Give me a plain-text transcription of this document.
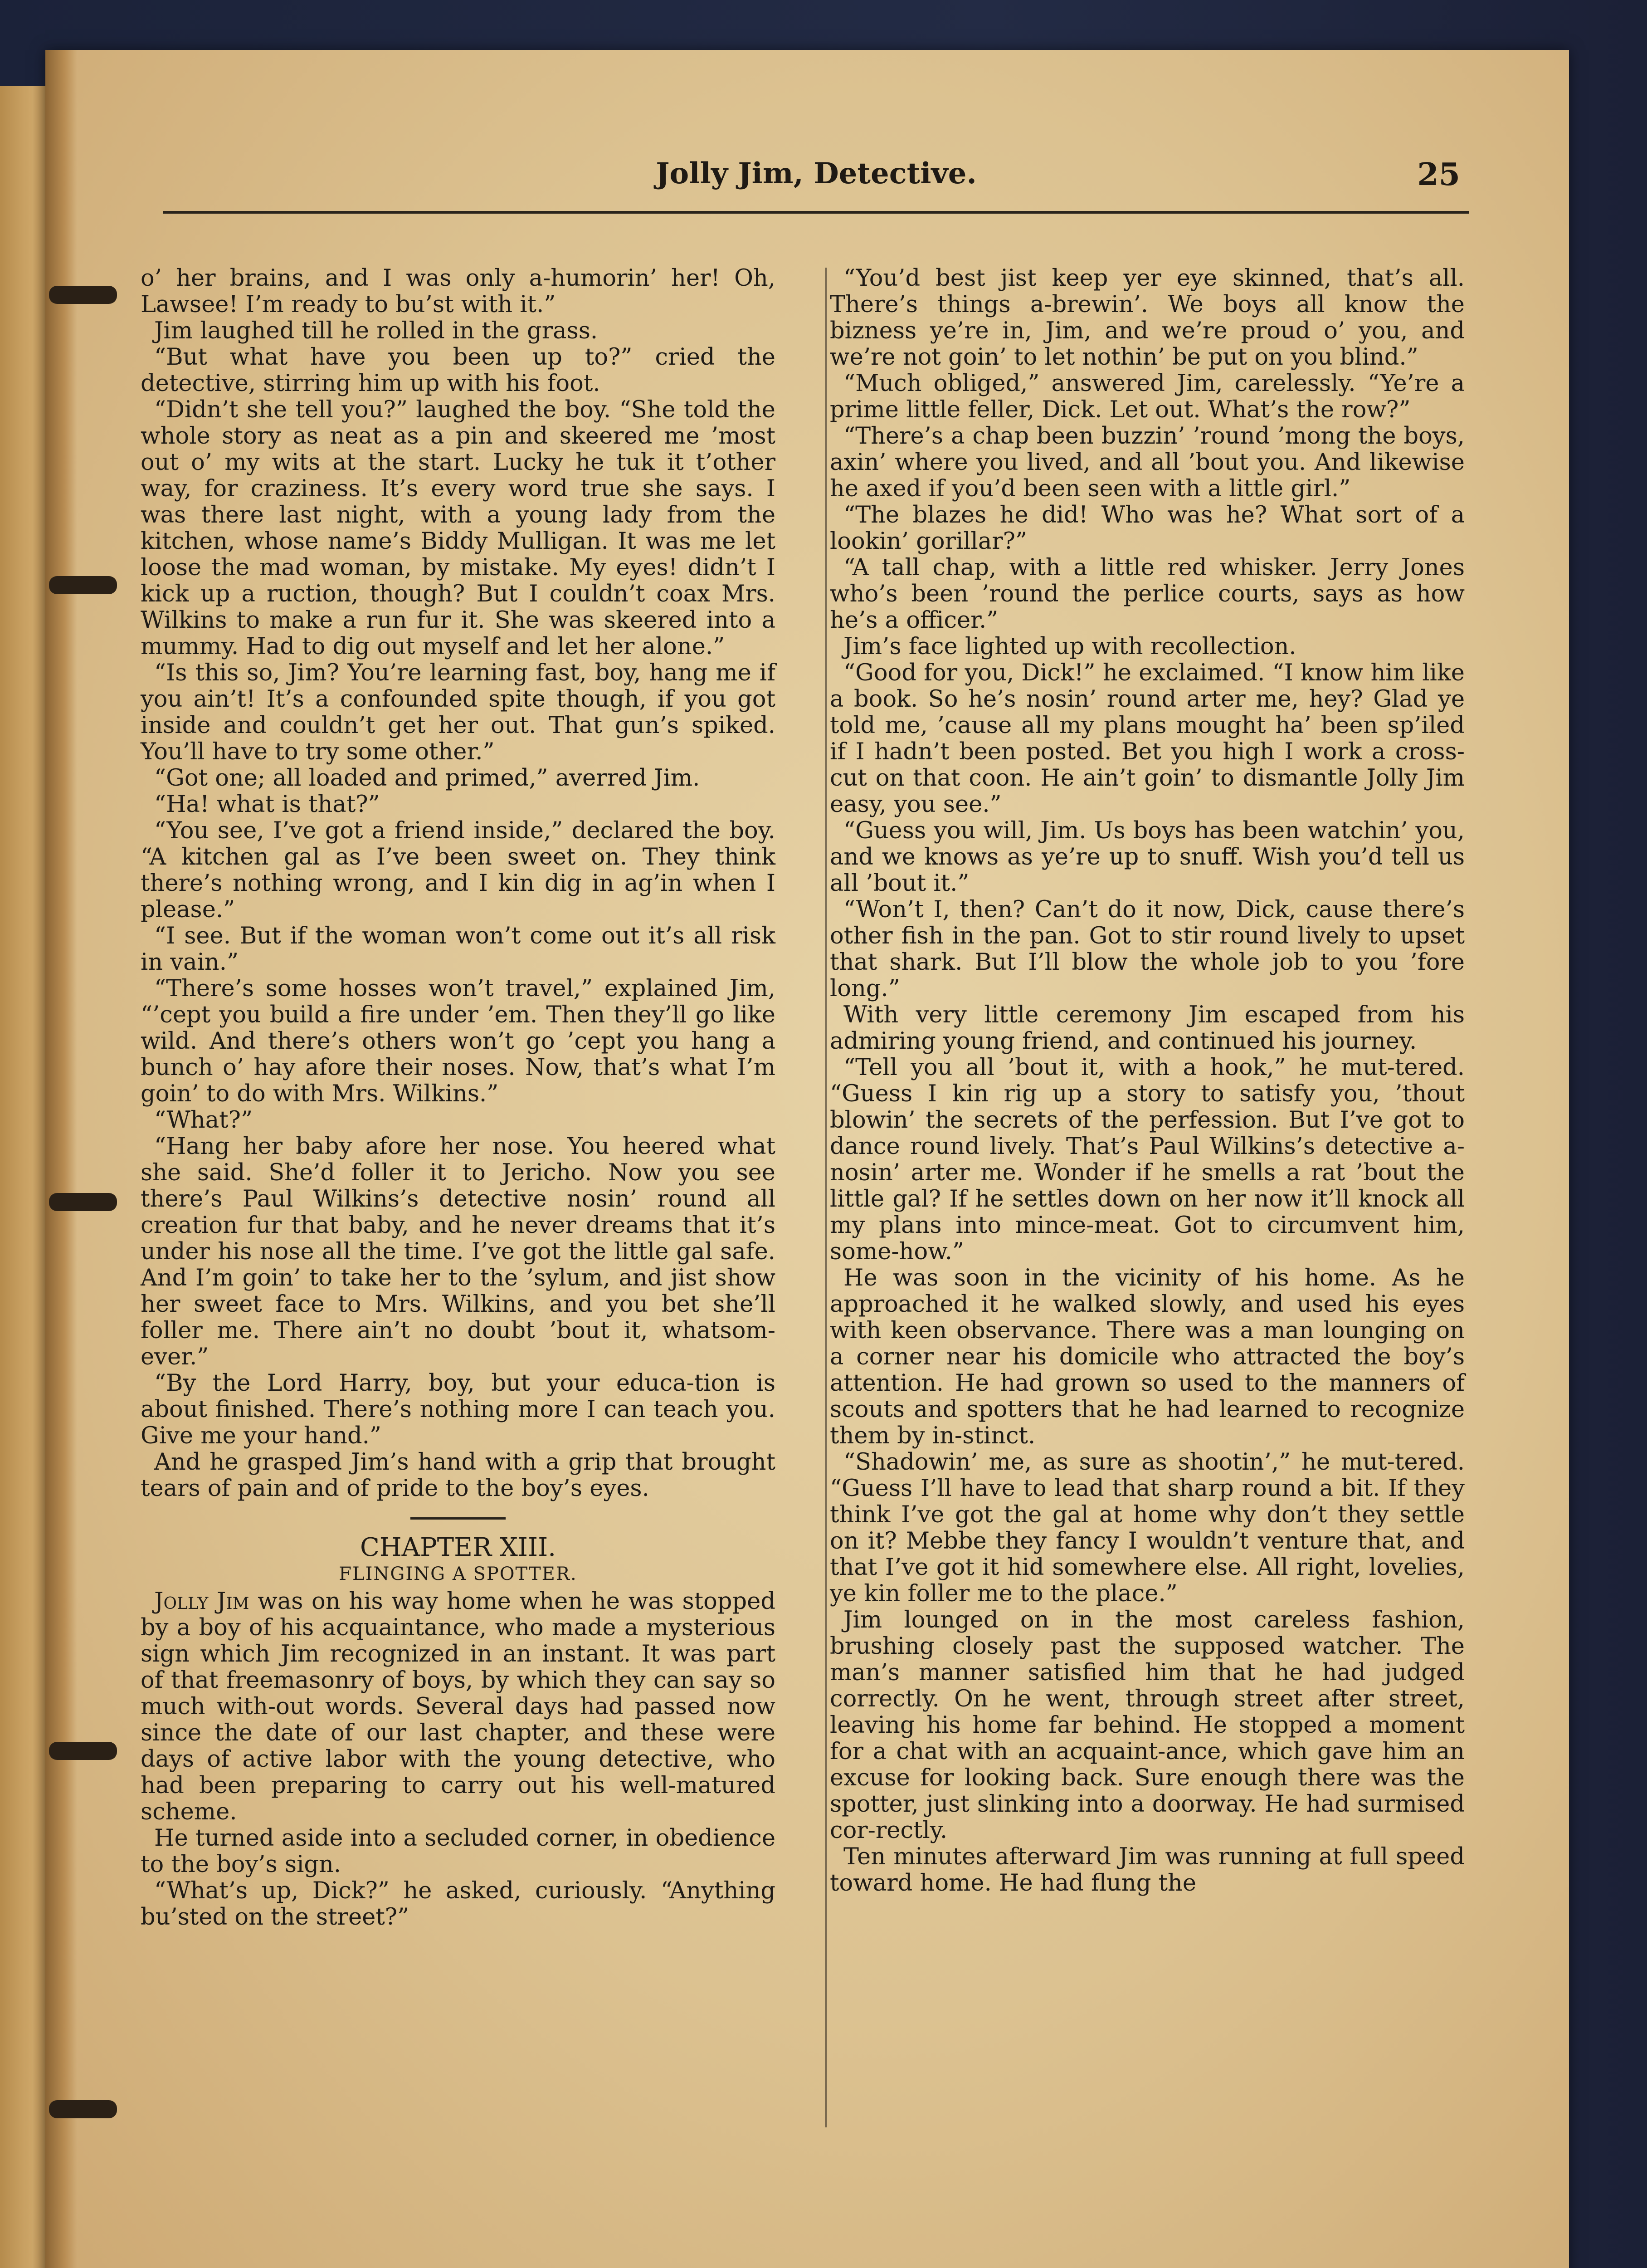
Jolly Jim, Detective.	25

o’ her brains, and I was only a-humorin’ her! Oh, Lawsee! I’m ready to bu’st with it.”

Jim laughed till he rolled in the grass.

“But what have you been up to?” cried the detective, stirring him up with his foot.

“Didn’t she tell you?” laughed the boy. “She told the whole story as neat as a pin and skeered me ’most out o’ my wits at the start. Lucky he tuk it t’other way, for craziness. It’s every word true she says. I was there last night, with a young lady from the kitchen, whose name’s Biddy Mulligan. It was me let loose the mad woman, by mistake. My eyes! didn’t I kick up a ruction, though? But I couldn’t coax Mrs. Wilkins to make a run fur it. She was skeered into a mummy. Had to dig out myself and let her alone.”

“Is this so, Jim? You’re learning fast, boy, hang me if you ain’t! It’s a confounded spite though, if you got inside and couldn’t get her out. That gun’s spiked. You’ll have to try some other.”

“Got one; all loaded and primed,” averred Jim.

“Ha! what is that?”

“You see, I’ve got a friend inside,” declared the boy. “A kitchen gal as I’ve been sweet on. They think there’s nothing wrong, and I kin dig in ag’in when I please.”

“I see. But if the woman won’t come out it’s all risk in vain.”

“There’s some hosses won’t travel,” explained Jim, “’cept you build a fire under ’em. Then they’ll go like wild. And there’s others won’t go ’cept you hang a bunch o’ hay afore their noses. Now, that’s what I’m goin’ to do with Mrs. Wilkins.”

“What?”

“Hang her baby afore her nose. You heered what she said. She’d foller it to Jericho. Now you see there’s Paul Wilkins’s detective nosin’ round all creation fur that baby, and he never dreams that it’s under his nose all the time. I’ve got the little gal safe. And I’m goin’ to take her to the ’sylum, and jist show her sweet face to Mrs. Wilkins, and you bet she’ll foller me. There ain’t no doubt ’bout it, whatsom-ever.”

“By the Lord Harry, boy, but your educa-tion is about finished. There’s nothing more I can teach you. Give me your hand.”

And he grasped Jim’s hand with a grip that brought tears of pain and of pride to the boy’s eyes.

CHAPTER XIII.

FLINGING A SPOTTER.

Jolly Jim was on his way home when he was stopped by a boy of his acquaintance, who made a mysterious sign which Jim recognized in an instant. It was part of that freemasonry of boys, by which they can say so much with-out words. Several days had passed now since the date of our last chapter, and these were days of active labor with the young detective, who had been preparing to carry out his well-matured scheme.

He turned aside into a secluded corner, in obedience to the boy’s sign.

“What’s up, Dick?” he asked, curiously. “Anything bu’sted on the street?”

“You’d best jist keep yer eye skinned, that’s all. There’s things a-brewin’. We boys all know the bizness ye’re in, Jim, and we’re proud o’ you, and we’re not goin’ to let nothin’ be put on you blind.”

“Much obliged,” answered Jim, carelessly. “Ye’re a prime little feller, Dick. Let out. What’s the row?”

“There’s a chap been buzzin’ ’round ’mong the boys, axin’ where you lived, and all ’bout you. And likewise he axed if you’d been seen with a little girl.”

“The blazes he did! Who was he? What sort of a lookin’ gorillar?”

“A tall chap, with a little red whisker. Jerry Jones who’s been ’round the perlice courts, says as how he’s a officer.”

Jim’s face lighted up with recollection.

“Good for you, Dick!” he exclaimed. “I know him like a book. So he’s nosin’ round arter me, hey? Glad ye told me, ’cause all my plans mought ha’ been sp’iled if I hadn’t been posted. Bet you high I work a cross-cut on that coon. He ain’t goin’ to dismantle Jolly Jim easy, you see.”

“Guess you will, Jim. Us boys has been watchin’ you, and we knows as ye’re up to snuff. Wish you’d tell us all ’bout it.”

“Won’t I, then? Can’t do it now, Dick, cause there’s other fish in the pan. Got to stir round lively to upset that shark. But I’ll blow the whole job to you ’fore long.”

With very little ceremony Jim escaped from his admiring young friend, and continued his journey.

“Tell you all ’bout it, with a hook,” he mut-tered. “Guess I kin rig up a story to satisfy you, ’thout blowin’ the secrets of the perfession. But I’ve got to dance round lively. That’s Paul Wilkins’s detective a-nosin’ arter me. Wonder if he smells a rat ’bout the little gal? If he settles down on her now it’ll knock all my plans into mince-meat. Got to circumvent him, some-how.”

He was soon in the vicinity of his home. As he approached it he walked slowly, and used his eyes with keen observance. There was a man lounging on a corner near his domicile who attracted the boy’s attention. He had grown so used to the manners of scouts and spotters that he had learned to recognize them by in-stinct.

“Shadowin’ me, as sure as shootin’,” he mut-tered. “Guess I’ll have to lead that sharp round a bit. If they think I’ve got the gal at home why don’t they settle on it? Mebbe they fancy I wouldn’t venture that, and that I’ve got it hid somewhere else. All right, lovelies, ye kin foller me to the place.”

Jim lounged on in the most careless fashion, brushing closely past the supposed watcher. The man’s manner satisfied him that he had judged correctly. On he went, through street after street, leaving his home far behind. He stopped a moment for a chat with an acquaint-ance, which gave him an excuse for looking back. Sure enough there was the spotter, just slinking into a doorway. He had surmised cor-rectly.

Ten minutes afterward Jim was running at full speed toward home. He had flung the
